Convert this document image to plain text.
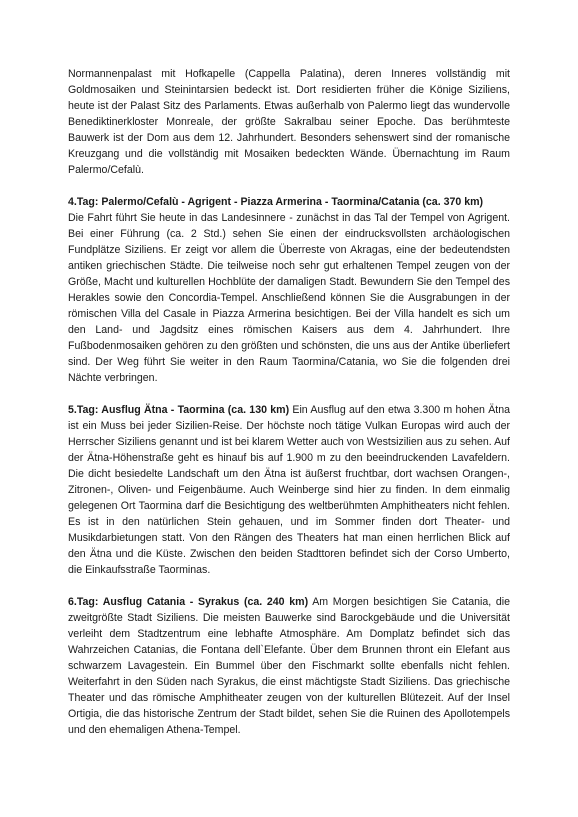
Normannenpalast mit Hofkapelle (Cappella Palatina), deren Inneres vollständig mit Goldmosaiken und Steinintarsien bedeckt ist. Dort residierten früher die Könige Siziliens, heute ist der Palast Sitz des Parlaments. Etwas außerhalb von Palermo liegt das wundervolle Benediktinerkloster Monreale, der größte Sakralbau seiner Epoche. Das berühmteste Bauwerk ist der Dom aus dem 12. Jahrhundert. Besonders sehenswert sind der romanische Kreuzgang und die vollständig mit Mosaiken bedeckten Wände. Übernachtung im Raum Palermo/Cefalù.

4.Tag: Palermo/Cefalù - Agrigent - Piazza Armerina - Taormina/Catania (ca. 370 km)
Die Fahrt führt Sie heute in das Landesinnere - zunächst in das Tal der Tempel von Agrigent. Bei einer Führung (ca. 2 Std.) sehen Sie einen der eindrucksvollsten archäologischen Fundplätze Siziliens. Er zeigt vor allem die Überreste von Akragas, eine der bedeutendsten antiken griechischen Städte. Die teilweise noch sehr gut erhaltenen Tempel zeugen von der Größe, Macht und kulturellen Hochblüte der damaligen Stadt. Bewundern Sie den Tempel des Herakles sowie den Concordia-Tempel. Anschließend können Sie die Ausgrabungen in der römischen Villa del Casale in Piazza Armerina besichtigen. Bei der Villa handelt es sich um den Land- und Jagdsitz eines römischen Kaisers aus dem 4. Jahrhundert. Ihre Fußbodenmosaiken gehören zu den größten und schönsten, die uns aus der Antike überliefert sind. Der Weg führt Sie weiter in den Raum Taormina/Catania, wo Sie die folgenden drei Nächte verbringen.

5.Tag: Ausflug Ätna - Taormina (ca. 130 km) Ein Ausflug auf den etwa 3.300 m hohen Ätna ist ein Muss bei jeder Sizilien-Reise. Der höchste noch tätige Vulkan Europas wird auch der Herrscher Siziliens genannt und ist bei klarem Wetter auch von Westsizilien aus zu sehen. Auf der Ätna-Höhenstraße geht es hinauf bis auf 1.900 m zu den beeindruckenden Lavafeldern. Die dicht besiedelte Landschaft um den Ätna ist äußerst fruchtbar, dort wachsen Orangen-, Zitronen-, Oliven- und Feigenbäume. Auch Weinberge sind hier zu finden. In dem einmalig gelegenen Ort Taormina darf die Besichtigung des weltberühmten Amphitheaters nicht fehlen. Es ist in den natürlichen Stein gehauen, und im Sommer finden dort Theater- und Musikdarbietungen statt. Von den Rängen des Theaters hat man einen herrlichen Blick auf den Ätna und die Küste. Zwischen den beiden Stadttoren befindet sich der Corso Umberto, die Einkaufsstraße Taorminas.

6.Tag: Ausflug Catania - Syrakus (ca. 240 km) Am Morgen besichtigen Sie Catania, die zweitgrößte Stadt Siziliens. Die meisten Bauwerke sind Barockgebäude und die Universität verleiht dem Stadtzentrum eine lebhafte Atmosphäre. Am Domplatz befindet sich das Wahrzeichen Catanias, die Fontana dell`Elefante. Über dem Brunnen thront ein Elefant aus schwarzem Lavagestein. Ein Bummel über den Fischmarkt sollte ebenfalls nicht fehlen. Weiterfahrt in den Süden nach Syrakus, die einst mächtigste Stadt Siziliens. Das griechische Theater und das römische Amphitheater zeugen von der kulturellen Blütezeit. Auf der Insel Ortigia, die das historische Zentrum der Stadt bildet, sehen Sie die Ruinen des Apollotempels und den ehemaligen Athena-Tempel.
